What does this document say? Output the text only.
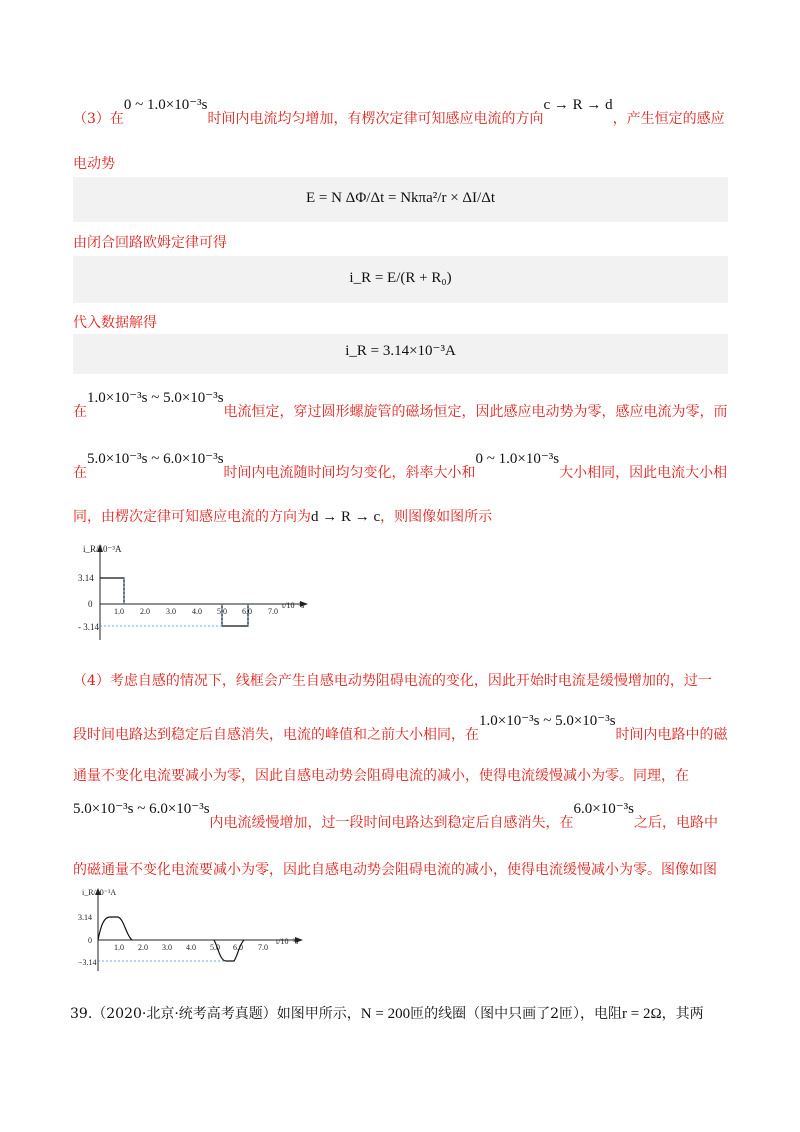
（3）在0 ~ 1.0×10⁻³s时间内电流均匀增加，有楞次定律可知感应电流的方向c → R → d，产生恒定的感应
电动势
E = N ΔΦ/Δt = Nkπa²/r × ΔI/Δt
由闭合回路欧姆定律可得
i_R = E/(R + R₀)
代入数据解得
i_R = 3.14×10⁻³A
在1.0×10⁻³s ~ 5.0×10⁻³s电流恒定，穿过圆形螺旋管的磁场恒定，因此感应电动势为零，感应电流为零，而
在5.0×10⁻³s ~ 6.0×10⁻³s时间内电流随时间均匀变化，斜率大小和0 ~ 1.0×10⁻³s大小相同，因此电流大小相
同，由楞次定律可知感应电流的方向为d → R → c，则图像如图所示
i_R/10⁻³A
t/10⁻³s
3.14
0
- 3.14
1.0 2.0 3.0 4.0 5.0 6.0 7.0
（4）考虑自感的情况下，线框会产生自感电动势阻碍电流的变化，因此开始时电流是缓慢增加的，过一
段时间电路达到稳定后自感消失，电流的峰值和之前大小相同，在1.0×10⁻³s ~ 5.0×10⁻³s时间内电路中的磁
通量不变化电流要减小为零，因此自感电动势会阻碍电流的减小，使得电流缓慢减小为零。同理，在
5.0×10⁻³s ~ 6.0×10⁻³s内电流缓慢增加，过一段时间电路达到稳定后自感消失，在6.0×10⁻³s之后，电路中
的磁通量不变化电流要减小为零，因此自感电动势会阻碍电流的减小，使得电流缓慢减小为零。图像如图
i_R/10⁻³A
t/10⁻³s
3.14
0
−3.14
1.0 2.0 3.0 4.0 5.0 6.0 7.0
39.（2020·北京·统考高考真题）如图甲所示，N = 200匝的线圈（图中只画了2匝），电阻r = 2Ω，其两
